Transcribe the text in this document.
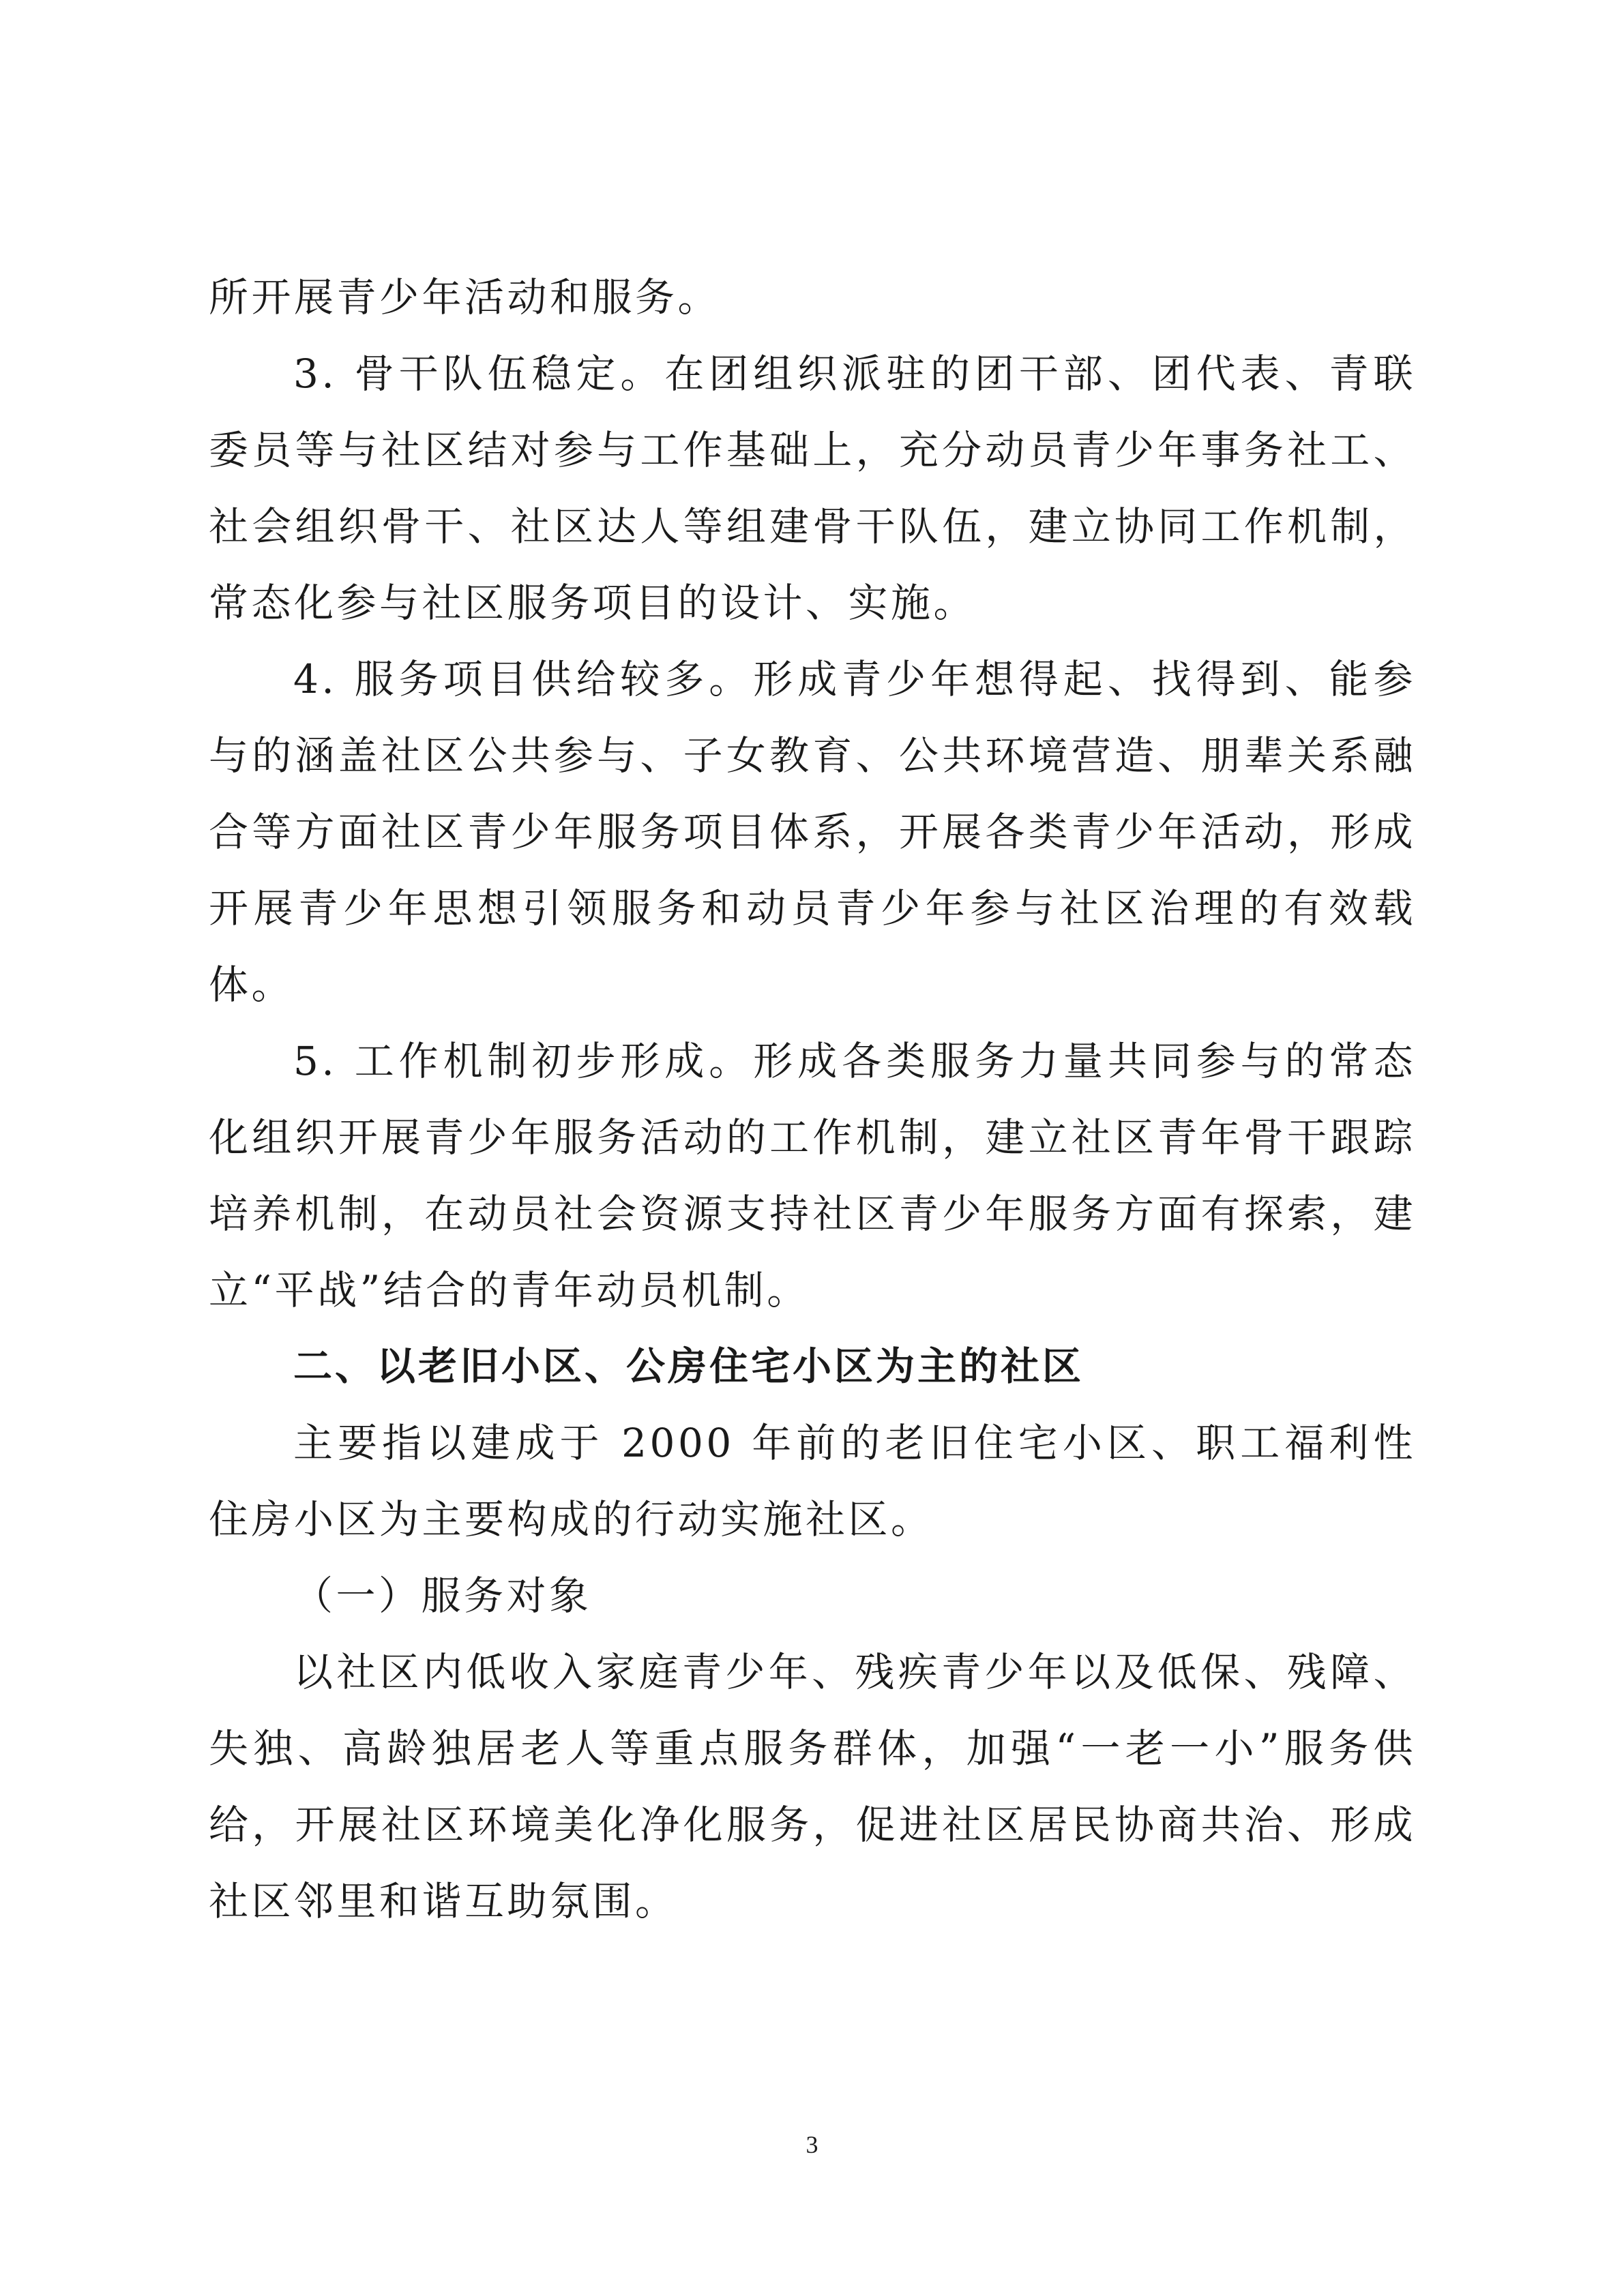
所开展青少年活动和服务。

3. 骨干队伍稳定。在团组织派驻的团干部、团代表、青联委员等与社区结对参与工作基础上，充分动员青少年事务社工、社会组织骨干、社区达人等组建骨干队伍，建立协同工作机制，常态化参与社区服务项目的设计、实施。

4. 服务项目供给较多。形成青少年想得起、找得到、能参与的涵盖社区公共参与、子女教育、公共环境营造、朋辈关系融合等方面社区青少年服务项目体系，开展各类青少年活动，形成开展青少年思想引领服务和动员青少年参与社区治理的有效载体。

5. 工作机制初步形成。形成各类服务力量共同参与的常态化组织开展青少年服务活动的工作机制，建立社区青年骨干跟踪培养机制，在动员社会资源支持社区青少年服务方面有探索，建立“平战”结合的青年动员机制。

二、以老旧小区、公房住宅小区为主的社区

主要指以建成于 2000 年前的老旧住宅小区、职工福利性住房小区为主要构成的行动实施社区。

（一）服务对象

以社区内低收入家庭青少年、残疾青少年以及低保、残障、失独、高龄独居老人等重点服务群体，加强“一老一小”服务供给，开展社区环境美化净化服务，促进社区居民协商共治、形成社区邻里和谐互助氛围。

3
